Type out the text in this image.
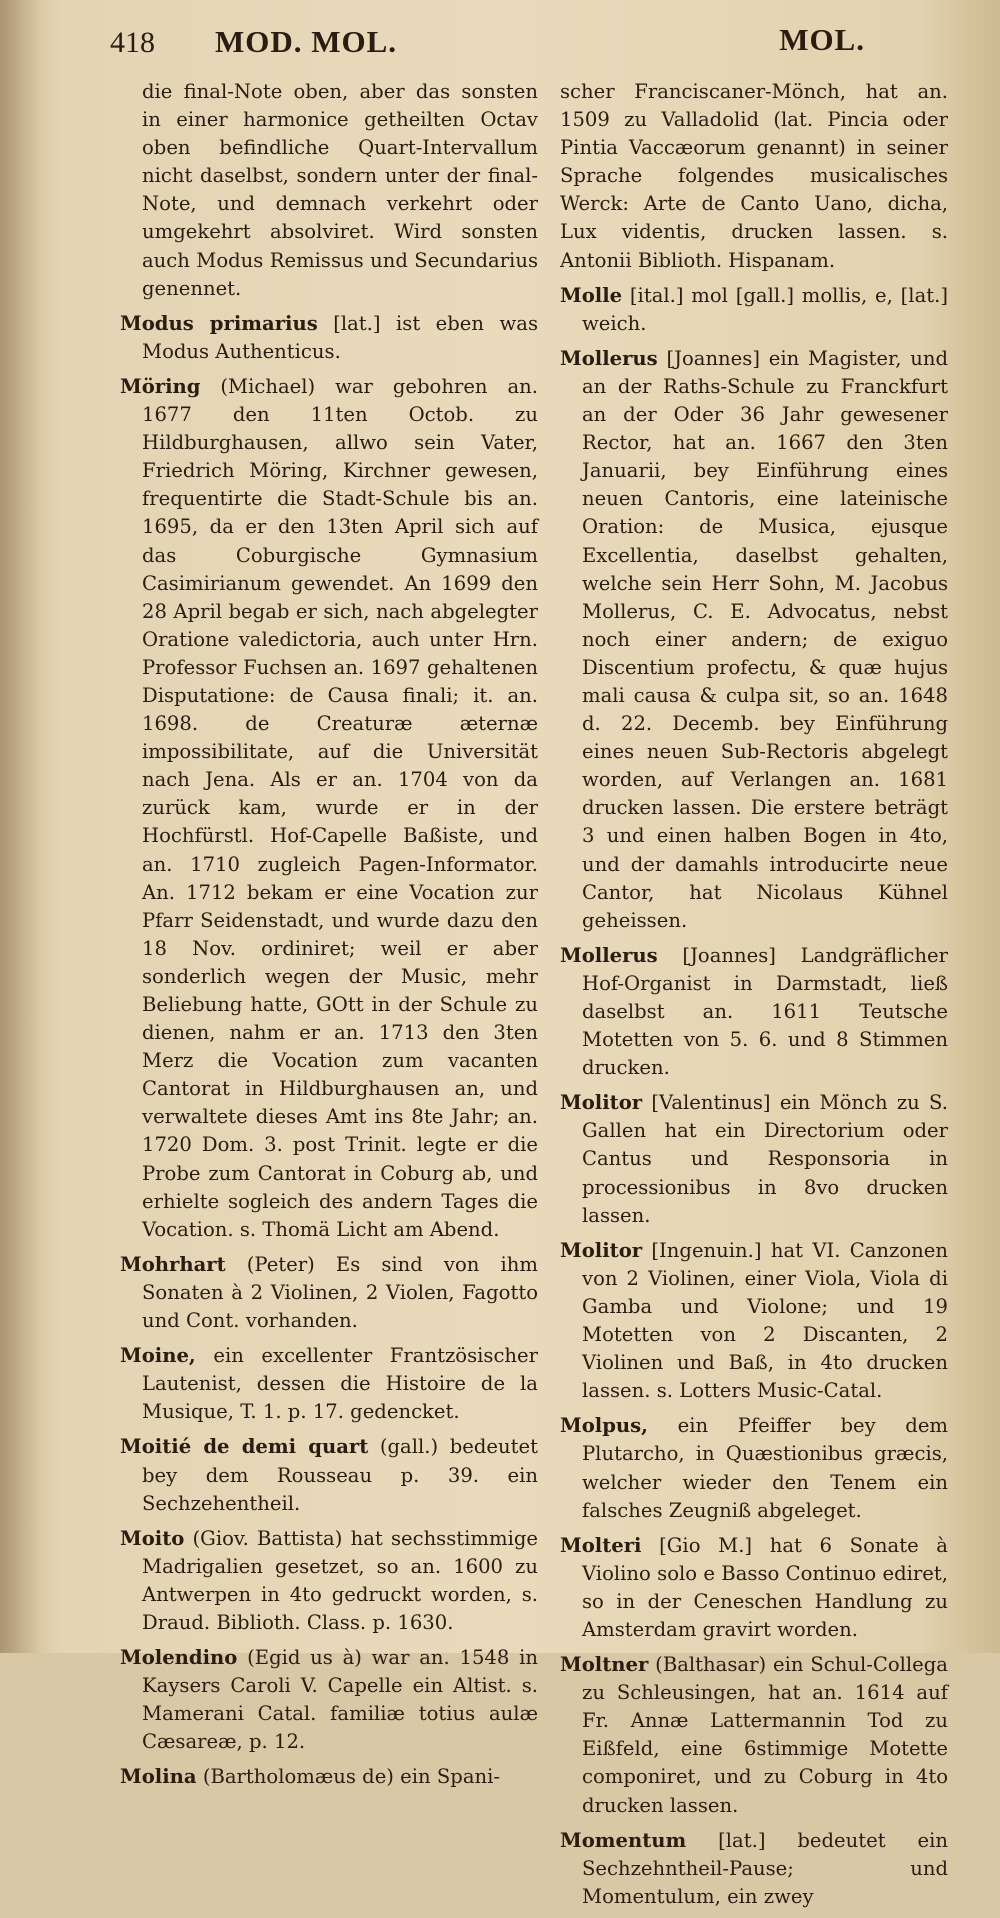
418 MOD. MOL.	MOL.

die final-Note oben, aber das sonsten in einer harmonice getheilten Octav oben befindliche Quart-Intervallum nicht daselbst, sondern unter der final-Note, und demnach verkehrt oder umgekehrt absolviret. Wird sonsten auch Modus Remissus und Secundarius genennet.

Modus primarius [lat.] ist eben was Modus Authenticus.

Möring (Michael) war gebohren an. 1677 den 11ten Octob. zu Hildburghausen, allwo sein Vater, Friedrich Möring, Kirchner gewesen, frequentirte die Stadt-Schule bis an. 1695, da er den 13ten April sich auf das Coburgische Gymnasium Casimirianum gewendet. An 1699 den 28 April begab er sich, nach abgelegter Oratione valedictoria, auch unter Hrn. Professor Fuchsen an. 1697 gehaltenen Disputatione: de Causa finali; it. an. 1698. de Creaturæ æternæ impossibilitate, auf die Universität nach Jena. Als er an. 1704 von da zurück kam, wurde er in der Hochfürstl. Hof-Capelle Baßiste, und an. 1710 zugleich Pagen-Informator. An. 1712 bekam er eine Vocation zur Pfarr Seidenstadt, und wurde dazu den 18 Nov. ordiniret; weil er aber sonderlich wegen der Music, mehr Beliebung hatte, GOtt in der Schule zu dienen, nahm er an. 1713 den 3ten Merz die Vocation zum vacanten Cantorat in Hildburghausen an, und verwaltete dieses Amt ins 8te Jahr; an. 1720 Dom. 3. post Trinit. legte er die Probe zum Cantorat in Coburg ab, und erhielte sogleich des andern Tages die Vocation. s. Thomä Licht am Abend.

Mohrhart (Peter) Es sind von ihm Sonaten à 2 Violinen, 2 Violen, Fagotto und Cont. vorhanden.

Moine, ein excellenter Frantzösischer Lautenist, dessen die Histoire de la Musique, T. 1. p. 17. gedencket.

Moitié de demi quart (gall.) bedeutet bey dem Rousseau p. 39. ein Sechzehentheil.

Moito (Giov. Battista) hat sechsstimmige Madrigalien gesetzet, so an. 1600 zu Antwerpen in 4to gedruckt worden, s. Draud. Biblioth. Class. p. 1630.

Molendino (Egid us à) war an. 1548 in Kaysers Caroli V. Capelle ein Altist. s. Mamerani Catal. familiæ totius aulæ Cæsareæ, p. 12.

Molina (Bartholomæus de) ein Spani-

scher Franciscaner-Mönch, hat an. 1509 zu Valladolid (lat. Pincia oder Pintia Vaccæorum genannt) in seiner Sprache folgendes musicalisches Werck: Arte de Canto Uano, dicha, Lux videntis, drucken lassen. s. Antonii Biblioth. Hispanam.

Molle [ital.] mol [gall.] mollis, e, [lat.] weich.

Mollerus [Joannes] ein Magister, und an der Raths-Schule zu Franckfurt an der Oder 36 Jahr gewesener Rector, hat an. 1667 den 3ten Januarii, bey Einführung eines neuen Cantoris, eine lateinische Oration: de Musica, ejusque Excellentia, daselbst gehalten, welche sein Herr Sohn, M. Jacobus Mollerus, C. E. Advocatus, nebst noch einer andern; de exiguo Discentium profectu, & quæ hujus mali causa & culpa sit, so an. 1648 d. 22. Decemb. bey Einführung eines neuen Sub-Rectoris abgelegt worden, auf Verlangen an. 1681 drucken lassen. Die erstere beträgt 3 und einen halben Bogen in 4to, und der damahls introducirte neue Cantor, hat Nicolaus Kühnel geheissen.

Mollerus [Joannes] Landgräflicher Hof-Organist in Darmstadt, ließ daselbst an. 1611 Teutsche Motetten von 5. 6. und 8 Stimmen drucken.

Molitor [Valentinus] ein Mönch zu S. Gallen hat ein Directorium oder Cantus und Responsoria in processionibus in 8vo drucken lassen.

Molitor [Ingenuin.] hat VI. Canzonen von 2 Violinen, einer Viola, Viola di Gamba und Violone; und 19 Motetten von 2 Discanten, 2 Violinen und Baß, in 4to drucken lassen. s. Lotters Music-Catal.

Molpus, ein Pfeiffer bey dem Plutarcho, in Quæstionibus græcis, welcher wieder den Tenem ein falsches Zeugniß abgeleget.

Molteri [Gio M.] hat 6 Sonate à Violino solo e Basso Continuo ediret, so in der Ceneschen Handlung zu Amsterdam gravirt worden.

Moltner (Balthasar) ein Schul-Collega zu Schleusingen, hat an. 1614 auf Fr. Annæ Lattermannin Tod zu Eißfeld, eine 6stimmige Motette componiret, und zu Coburg in 4to drucken lassen.

Momentum [lat.] bedeutet ein Sechzehntheil-Pause; und Momentulum, ein zwey
